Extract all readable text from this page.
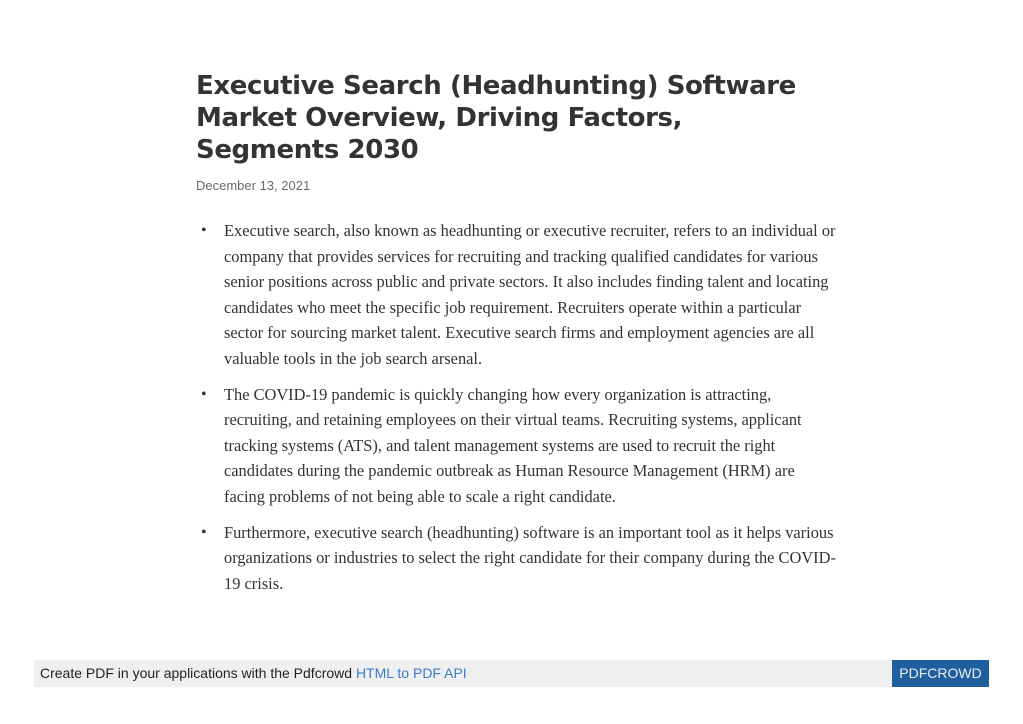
Executive Search (Headhunting) Software Market Overview, Driving Factors, Segments 2030
December 13, 2021
• Executive search, also known as headhunting or executive recruiter, refers to an individual or company that provides services for recruiting and tracking qualified candidates for various senior positions across public and private sectors. It also includes finding talent and locating candidates who meet the specific job requirement. Recruiters operate within a particular sector for sourcing market talent. Executive search firms and employment agencies are all valuable tools in the job search arsenal.
• The COVID-19 pandemic is quickly changing how every organization is attracting, recruiting, and retaining employees on their virtual teams. Recruiting systems, applicant tracking systems (ATS), and talent management systems are used to recruit the right candidates during the pandemic outbreak as Human Resource Management (HRM) are facing problems of not being able to scale a right candidate.
• Furthermore, executive search (headhunting) software is an important tool as it helps various organizations or industries to select the right candidate for their company during the COVID- 19 crisis.
Create PDF in your applications with the Pdfcrowd HTML to PDF API	PDFCROWD
